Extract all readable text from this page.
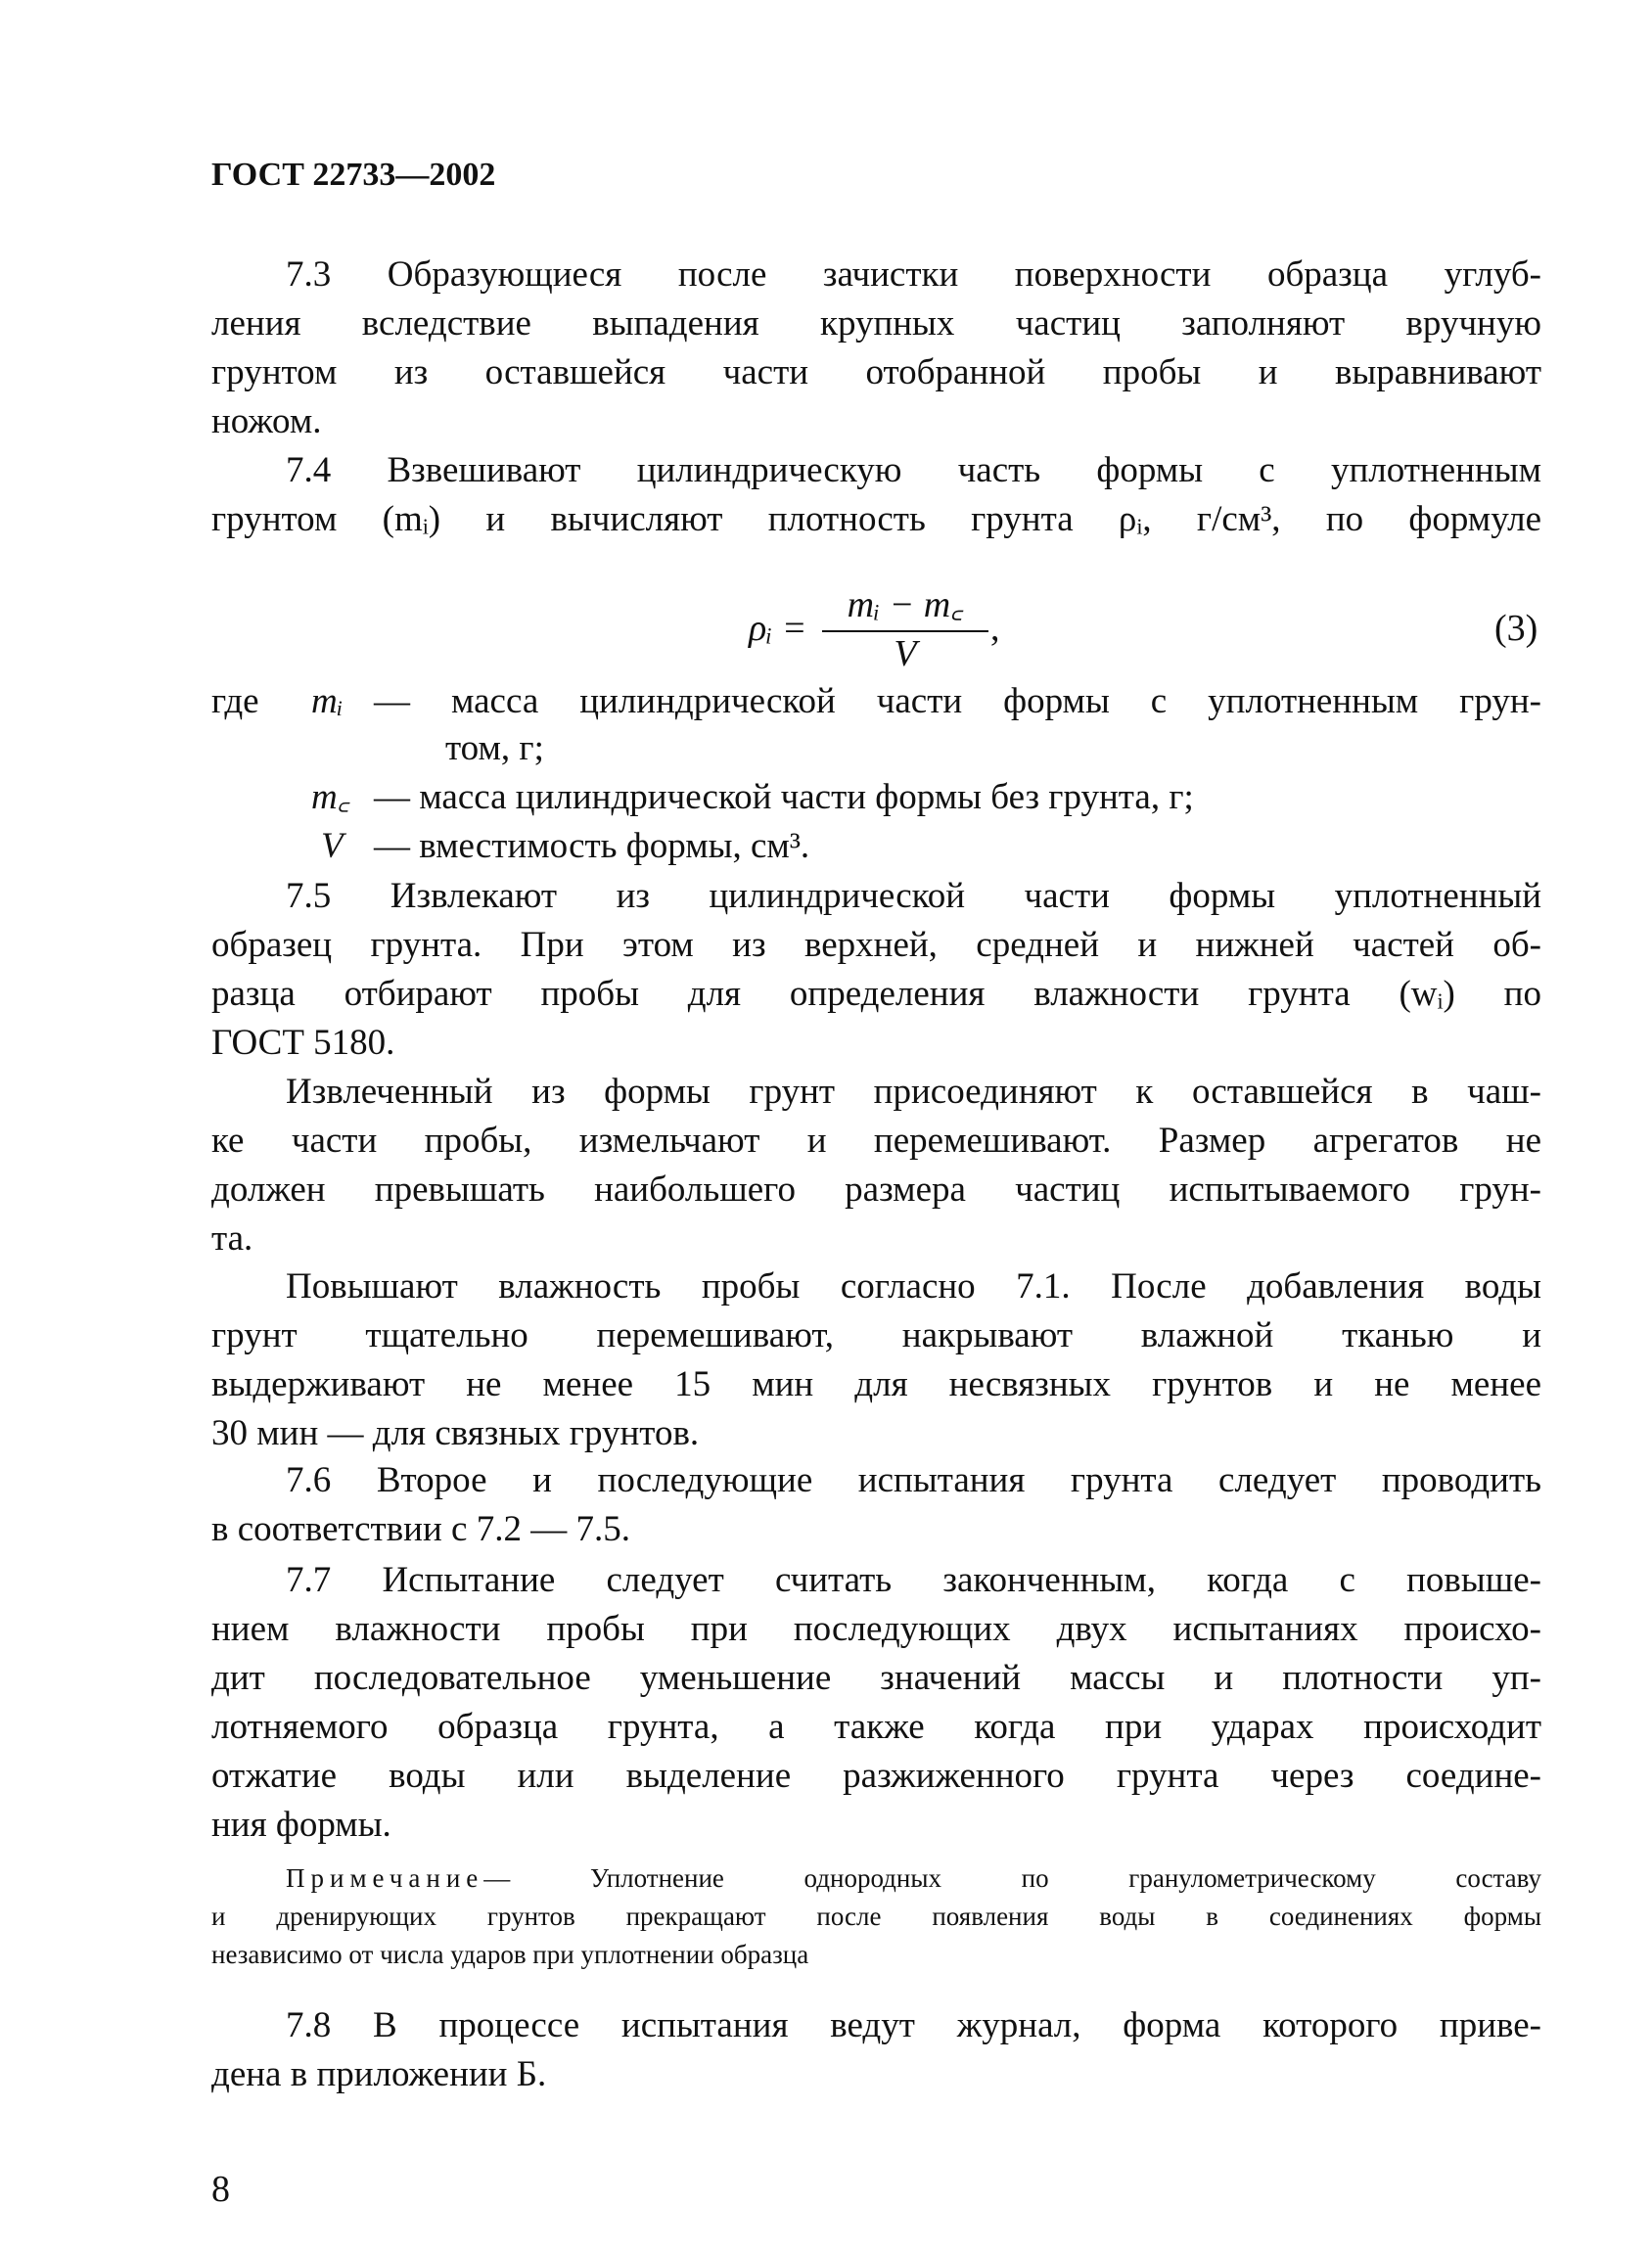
ГОСТ 22733—2002
7.3 Образующиеся после зачистки поверхности образца углуб-
ления вследствие выпадения крупных частиц заполняют вручную
грунтом из оставшейся части отобранной пробы и выравнивают
ножом.
7.4 Взвешивают цилиндрическую часть формы с уплотненным
грунтом (mᵢ) и вычисляют плотность грунта ρᵢ, г/см³, по формуле
ρᵢ = $\frac{\text{mᵢ − m꜀}}{V}$ ,	(3)
где mᵢ — масса цилиндрической части формы с уплотненным грун-
том, г;
m꜀ — масса цилиндрической части формы без грунта, г;
V — вместимость формы, см³.
7.5 Извлекают из цилиндрической части формы уплотненный
образец грунта. При этом из верхней, средней и нижней частей об-
разца отбирают пробы для определения влажности грунта (wᵢ) по
ГОСТ 5180.
Извлеченный из формы грунт присоединяют к оставшейся в чаш-
ке части пробы, измельчают и перемешивают. Размер агрегатов не
должен превышать наибольшего размера частиц испытываемого грун-
та.
Повышают влажность пробы согласно 7.1. После добавления воды
грунт тщательно перемешивают, накрывают влажной тканью и
выдерживают не менее 15 мин для несвязных грунтов и не менее
30 мин — для связных грунтов.
7.6 Второе и последующие испытания грунта следует проводить
в соответствии с 7.2 — 7.5.
7.7 Испытание следует считать законченным, когда с повыше-
нием влажности пробы при последующих двух испытаниях происхо-
дит последовательное уменьшение значений массы и плотности уп-
лотняемого образца грунта, а также когда при ударах происходит
отжатие воды или выделение разжиженного грунта через соедине-
ния формы.
Примечание— Уплотнение однородных по гранулометрическому составу
и дренирующих грунтов прекращают после появления воды в соединениях формы
независимо от числа ударов при уплотнении образца
7.8 В процессе испытания ведут журнал, форма которого приве-
дена в приложении Б.
8
